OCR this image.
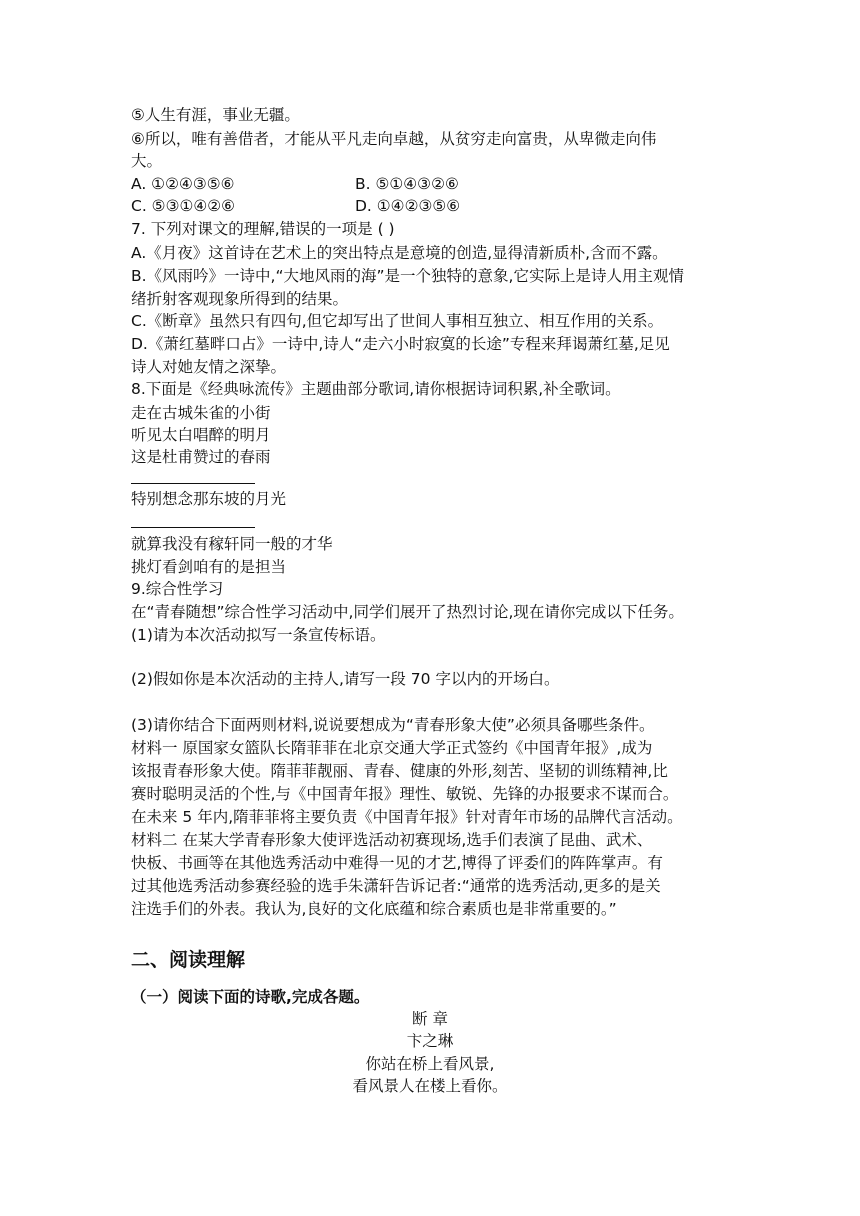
⑤人生有涯，事业无疆。
⑥所以，唯有善借者，才能从平凡走向卓越，从贫穷走向富贵，从卑微走向伟
大。
A. ①②④③⑤⑥	B. ⑤①④③②⑥
C. ⑤③①④②⑥	D. ①④②③⑤⑥
7. 下列对课文的理解,错误的一项是 ( )
A.《月夜》这首诗在艺术上的突出特点是意境的创造,显得清新质朴,含而不露。
B.《风雨吟》一诗中,“大地风雨的海”是一个独特的意象,它实际上是诗人用主观情
绪折射客观现象所得到的结果。
C.《断章》虽然只有四句,但它却写出了世间人事相互独立、相互作用的关系。
D.《萧红墓畔口占》一诗中,诗人“走六小时寂寞的长途”专程来拜谒萧红墓,足见
诗人对她友情之深挚。
8.下面是《经典咏流传》主题曲部分歌词,请你根据诗词积累,补全歌词。
走在古城朱雀的小街
听见太白唱醉的明月
这是杜甫赞过的春雨
特别想念那东坡的月光
就算我没有稼轩同一般的才华
挑灯看剑咱有的是担当
9.综合性学习
在“青春随想”综合性学习活动中,同学们展开了热烈讨论,现在请你完成以下任务。
(1)请为本次活动拟写一条宣传标语。
(2)假如你是本次活动的主持人,请写一段 70 字以内的开场白。
(3)请你结合下面两则材料,说说要想成为“青春形象大使”必须具备哪些条件。
材料一 原国家女篮队长隋菲菲在北京交通大学正式签约《中国青年报》,成为
该报青春形象大使。隋菲菲靓丽、青春、健康的外形,刻苦、坚韧的训练精神,比
赛时聪明灵活的个性,与《中国青年报》理性、敏锐、先锋的办报要求不谋而合。
在未来 5 年内,隋菲菲将主要负责《中国青年报》针对青年市场的品牌代言活动。
材料二 在某大学青春形象大使评选活动初赛现场,选手们表演了昆曲、武术、
快板、书画等在其他选秀活动中难得一见的才艺,博得了评委们的阵阵掌声。有
过其他选秀活动参赛经验的选手朱潇轩告诉记者:“通常的选秀活动,更多的是关
注选手们的外表。我认为,良好的文化底蕴和综合素质也是非常重要的。”
二、阅读理解
（一）阅读下面的诗歌,完成各题。
断 章
卞之琳
你站在桥上看风景,
看风景人在楼上看你。
